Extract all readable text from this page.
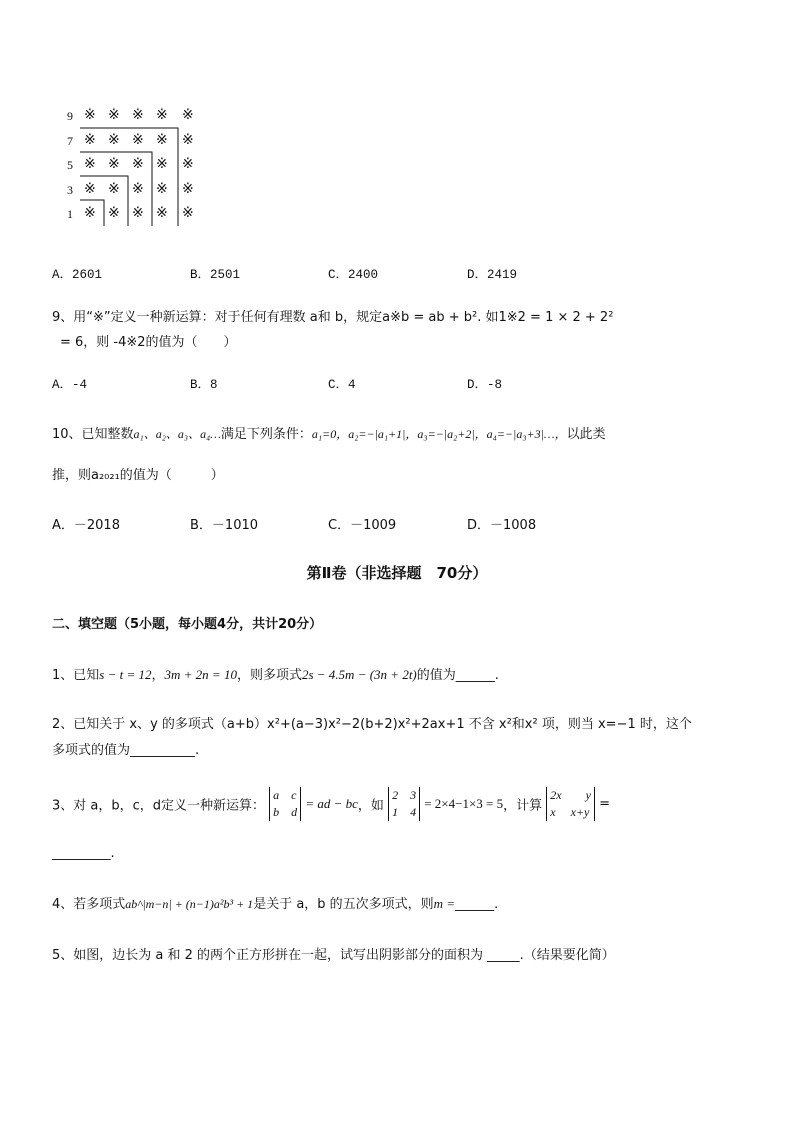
9
7
5
3
1
※ ※ ※ ※ ※
※ ※ ※ ※ ※
※ ※ ※ ※ ※
※ ※ ※ ※ ※
※ ※ ※ ※ ※
A．2601	B．2501	C．2400	D．2419
9、用“※”定义一种新运算：对于任何有理数 a和 b，规定a※b = ab + b². 如1※2 = 1 × 2 + 2²
= 6，则 -4※2的值为（　　）
A．-4	B．8	C．4	D．-8
10、已知整数a₁、a₂、a₃、a₄…满足下列条件：a₁=0，a₂=−|a₁+1|，a₃=−|a₂+2|，a₄=−|a₃+3|…，以此类
推，则a₂₀₂₁的值为（　　　）
A．－2018	B．－1010	C．－1009	D．－1008
第Ⅱ卷（非选择题　70分）
二、填空题（5小题，每小题4分，共计20分）
1、已知s − t = 12，3m + 2n = 10，则多项式2s − 4.5m − (3n + 2t)的值为______.
2、已知关于 x、y 的多项式（a+b）x²+(a−3)x²−2(b+2)x²+2ax+1 不含 x²和x² 项，则当 x=−1 时，这个
多项式的值为__________.
3、对 a，b，c，d定义一种新运算：
a　c
b　d
= ad − bc，如
2　3
1　4
= 2×4−1×3 = 5，计算
2x　　y
x　 x+y
=
_________.
4、若多项式ab^|m−n| + (n−1)a²b³ + 1是关于 a，b 的五次多项式，则m =______.
5、如图，边长为 a 和 2 的两个正方形拼在一起，试写出阴影部分的面积为 _____.（结果要化简）
